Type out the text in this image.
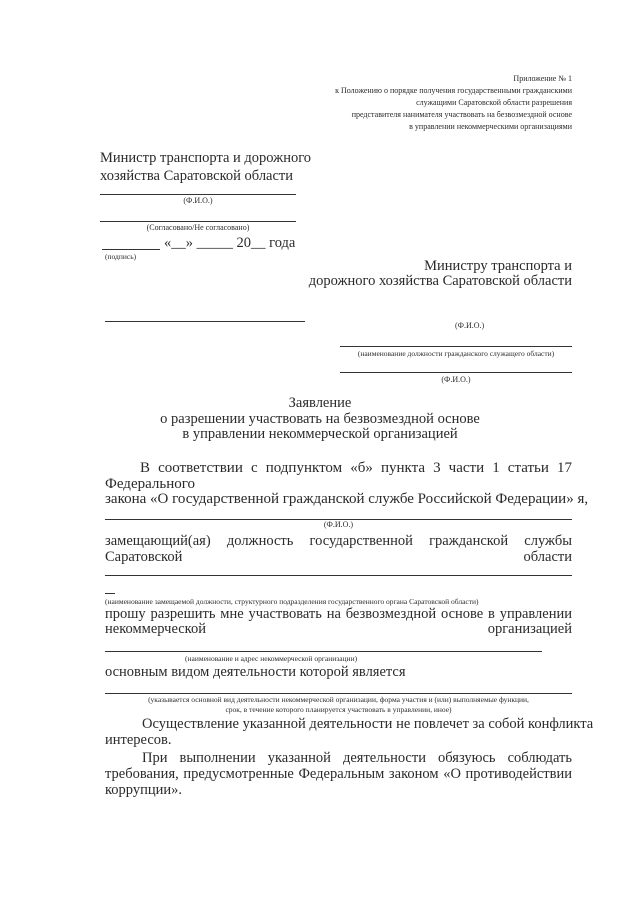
Приложение № 1
к Положению о порядке получения государственными гражданскими
служащими Саратовской области разрешения
представителя нанимателя участвовать на безвозмездной основе
в управлении некоммерческими организациями
Министр транспорта и дорожного
хозяйства Саратовской области
(Ф.И.О.)
(Согласовано/Не согласовано)
«__» _____ 20__ года
(подпись)
Министру транспорта и
дорожного хозяйства Саратовской области
(Ф.И.О.)
(наименование должности гражданского служащего области)
(Ф.И.О.)
Заявление
о разрешении участвовать на безвозмездной основе
в управлении некоммерческой организацией
В соответствии с подпунктом «б» пункта 3 части 1 статьи 17
Федерального
закона «О государственной гражданской службе Российской Федерации» я,
(Ф.И.О.)
замещающий(ая) должность государственной гражданской службы
Саратовской	области
(наименование замещаемой должности, структурного подразделения государственного органа Саратовской области)
прошу разрешить мне участвовать на безвозмездной основе в управлении
некоммерческой	организацией
(наименование и адрес некоммерческой организации)
основным видом деятельности которой является
(указывается основной вид деятельности некоммерческой организации, форма участия и (или) выполняемые функции,
срок, в течение которого планируется участвовать в управлении, иное)
Осуществление указанной деятельности не повлечет за собой конфликта
интересов.
При выполнении указанной деятельности обязуюсь соблюдать
требования, предусмотренные Федеральным законом «О противодействии
коррупции».
